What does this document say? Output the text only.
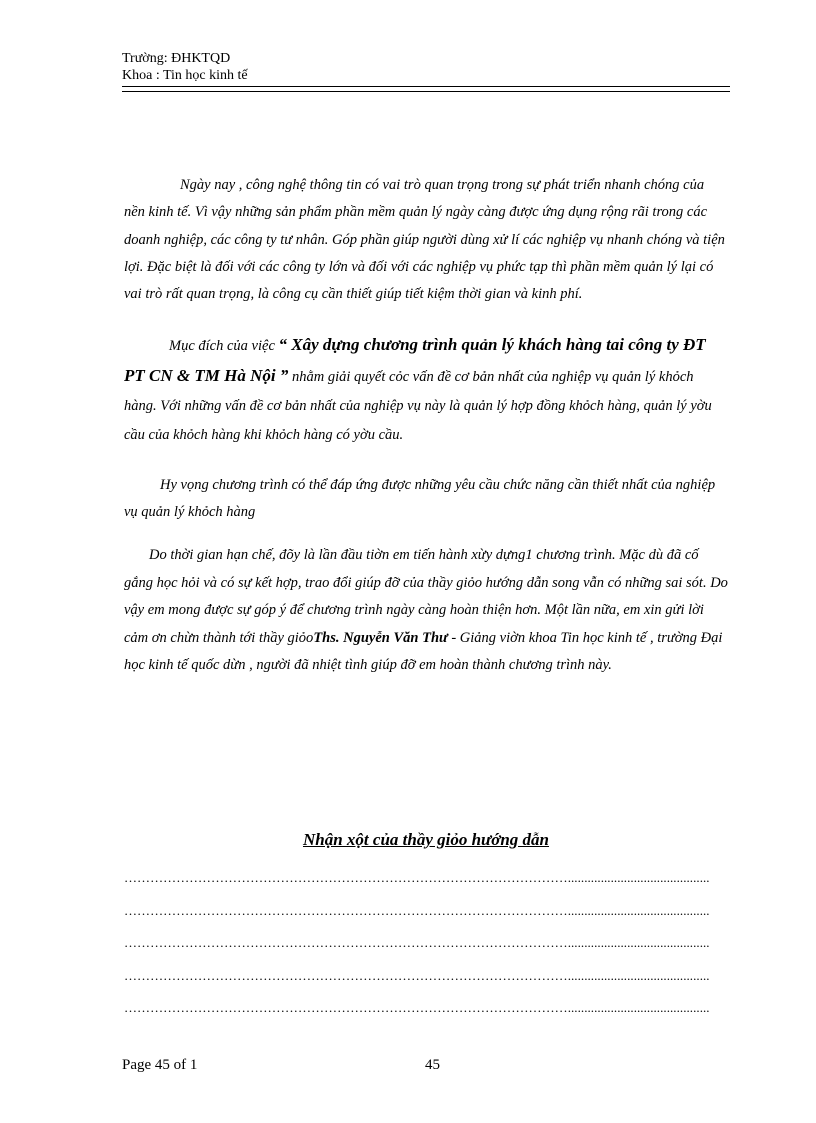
Trường: ĐHKTQD
Khoa : Tin học kinh tế

Ngày nay , công nghệ thông tin có vai trò quan trọng trong sự phát triển nhanh chóng của nền kinh tế. Vì vậy những sản phẩm phần mềm quản lý ngày càng được ứng dụng rộng rãi trong các doanh nghiệp, các công ty tư nhân. Góp phần giúp người dùng xử lí các nghiệp vụ nhanh chóng và tiện lợi. Đặc biệt là đối với các công ty lớn và đối với các nghiệp vụ phức tạp thì phần mềm quản lý lại có vai trò rất quan trọng, là công cụ cần thiết giúp tiết kiệm thời gian và kinh phí.

Mục đích của việc “ Xây dựng chương trình quản lý khách hàng tai công ty ĐT PT CN & TM Hà Nội ” nhằm giải quyết cỏc vấn đề cơ bản nhất của nghiệp vụ quản lý khỏch hàng. Với những vấn đề cơ bản nhất của nghiệp vụ này là quản lý hợp đồng khỏch hàng, quản lý yờu cầu của khỏch hàng khi khỏch hàng có yờu cầu.

Hy vọng chương trình có thể đáp ứng được những yêu cầu chức năng cần thiết nhất của nghiệp vụ quản lý khỏch hàng

Do thời gian hạn chế, đõy là lần đầu tiờn em tiến hành xừy dựng1 chương trình. Mặc dù đã cố gắng học hỏi và có sự kết hợp, trao đổi giúp đỡ của thầy giỏo hướng dẫn song vẫn có những sai sót. Do vậy em mong được sự góp ý để chương trình ngày càng hoàn thiện hơn. Một lần nữa, em xin gửi lời cảm ơn chừn thành tới thầy giỏoThs. Nguyễn Văn Thư - Giảng viờn khoa Tin học kinh tế , trường Đại học kinh tế quốc dừn , người đã nhiệt tình giúp đỡ em hoàn thành chương trình này.

Nhận xột của thầy giỏo hướng dẫn
…………………………………………………………………………………………...........................................
…………………………………………………………………………………………...........................................
…………………………………………………………………………………………...........................................
…………………………………………………………………………………………...........................................
…………………………………………………………………………………………...........................................
Page 45 of 1	45
